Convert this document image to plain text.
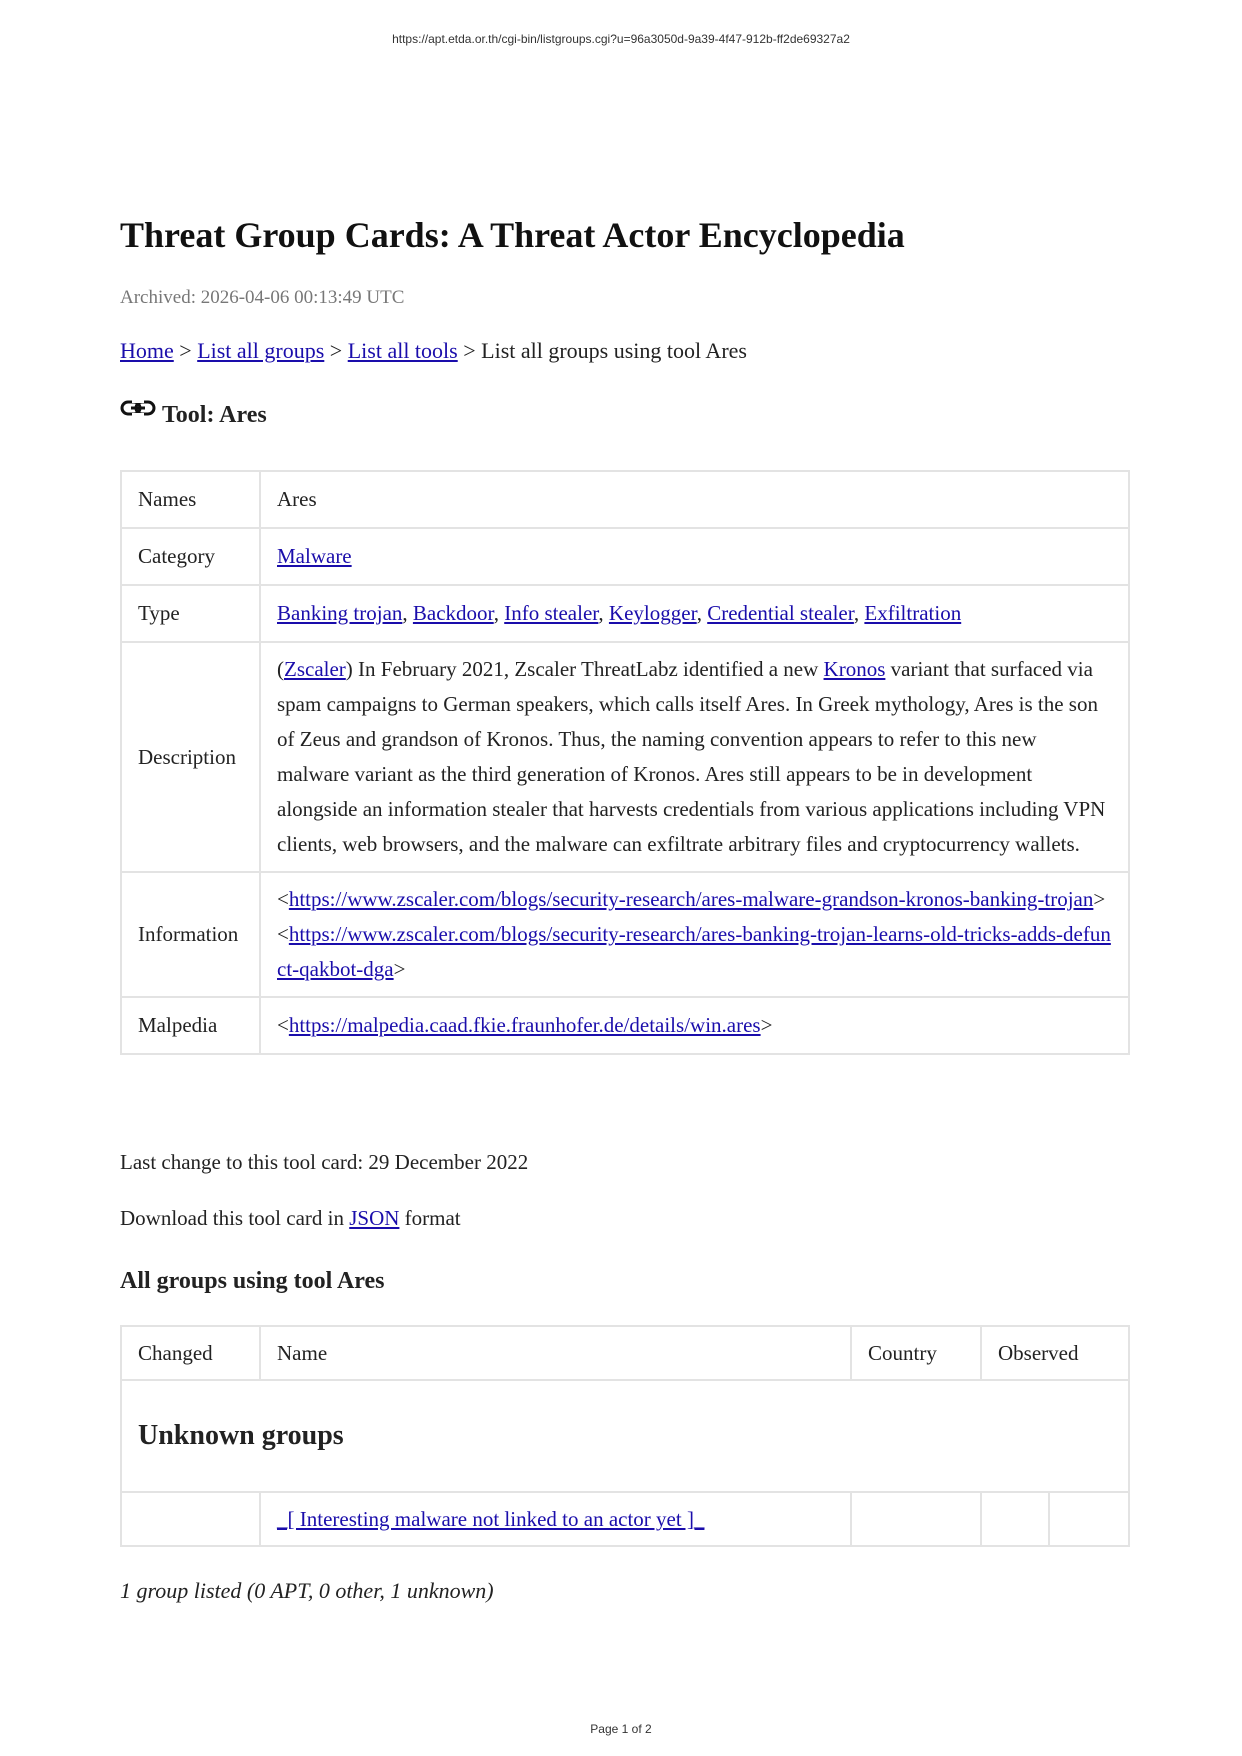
https://apt.etda.or.th/cgi-bin/listgroups.cgi?u=96a3050d-9a39-4f47-912b-ff2de69327a2
Threat Group Cards: A Threat Actor Encyclopedia
Archived: 2026-04-06 00:13:49 UTC
Home > List all groups > List all tools > List all groups using tool Ares
Tool: Ares
Names	Ares
Category	Malware
Type	Banking trojan, Backdoor, Info stealer, Keylogger, Credential stealer, Exfiltration
Description	(Zscaler) In February 2021, Zscaler ThreatLabz identified a new Kronos variant that surfaced via spam campaigns to German speakers, which calls itself Ares. In Greek mythology, Ares is the son of Zeus and grandson of Kronos. Thus, the naming convention appears to refer to this new malware variant as the third generation of Kronos. Ares still appears to be in development alongside an information stealer that harvests credentials from various applications including VPN clients, web browsers, and the malware can exfiltrate arbitrary files and cryptocurrency wallets.
Information	<https://www.zscaler.com/blogs/security-research/ares-malware-grandson-kronos-banking-trojan>
<https://www.zscaler.com/blogs/security-research/ares-banking-trojan-learns-old-tricks-adds-defunct-qakbot-dga>

Malpedia	<https://malpedia.caad.fkie.fraunhofer.de/details/win.ares>
Last change to this tool card: 29 December 2022
Download this tool card in JSON format
All groups using tool Ares
Changed	Name	Country	Observed	
Unknown groups				
	_[ Interesting malware not linked to an actor yet ]_			
1 group listed (0 APT, 0 other, 1 unknown)
Page 1 of 2
